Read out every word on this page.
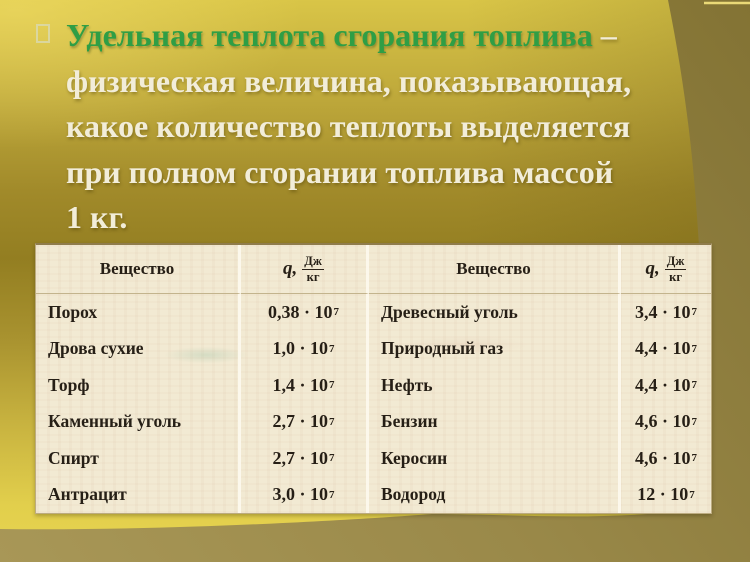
Удельная теплота сгорания топлива –
физическая величина, показывающая,
какое количество теплоты выделяется
при полном сгорании топлива массой
1 кг.
Вещество	q, $\frac{Дж}{кг}$	Вещество	q, $\frac{Дж}{кг}$
Порох	0,38 · 10 7	Древесный уголь	3,4 · 10 7
Дрова сухие	1,0 · 10 7	Природный газ	4,4 · 10 7
Торф	1,4 · 10 7	Нефть	4,4 · 10 7
Каменный уголь	2,7 · 10 7	Бензин	4,6 · 10 7
Спирт	2,7 · 10 7	Керосин	4,6 · 10 7
Антрацит	3,0 · 10 7	Водород	12 · 10 7
